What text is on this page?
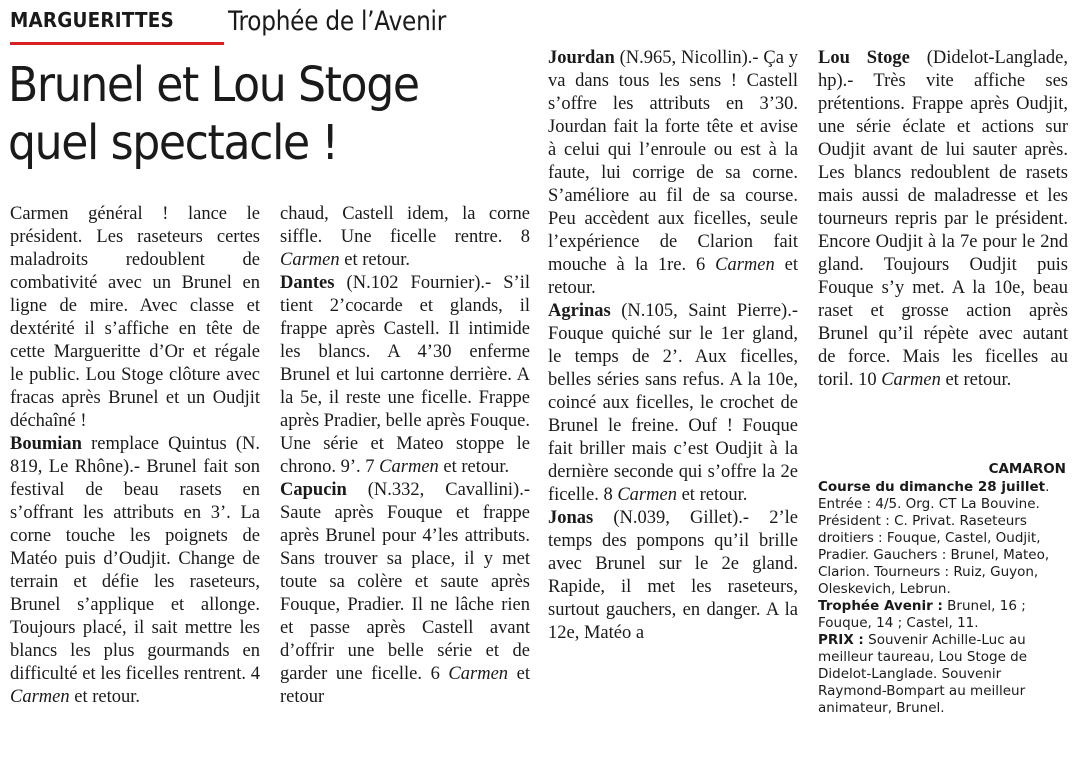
MARGUERITTES Trophée de l’Avenir
Brunel et Lou Stoge
quel spectacle !

Carmen général ! lance le président. Les raseteurs certes maladroits redoublent de combativité avec un Brunel en ligne de mire. Avec classe et dextérité il s’affiche en tête de cette Margueritte d’Or et régale le public. Lou Stoge clôture avec fracas après Brunel et un Oudjit déchaîné !

Boumian remplace Quintus (N. 819, Le Rhône).- Brunel fait son festival de beau rasets en s’offrant les attributs en 3’. La corne touche les poignets de Matéo puis d’Oudjit. Change de terrain et défie les raseteurs, Brunel s’applique et allonge. Toujours placé, il sait mettre les blancs les plus gourmands en difficulté et les ficelles rentrent. 4 Carmen et retour.

chaud, Castell idem, la corne siffle. Une ficelle rentre. 8 Carmen et retour.

Dantes (N.102 Fournier).- S’il tient 2’cocarde et glands, il frappe après Castell. Il intimide les blancs. A 4’30 enferme Brunel et lui cartonne derrière. A la 5e, il reste une ficelle. Frappe après Pradier, belle après Fouque. Une série et Mateo stoppe le chrono. 9’. 7 Carmen et retour.

Capucin (N.332, Cavallini).- Saute après Fouque et frappe après Brunel pour 4’les attributs. Sans trouver sa place, il y met toute sa colère et saute après Fouque, Pradier. Il ne lâche rien et passe après Castell avant d’offrir une belle série et de garder une ficelle. 6 Carmen et retour

Jourdan (N.965, Nicollin).- Ça y va dans tous les sens ! Castell s’offre les attributs en 3’30. Jourdan fait la forte tête et avise à celui qui l’enroule ou est à la faute, lui corrige de sa corne. S’améliore au fil de sa course. Peu accèdent aux ficelles, seule l’expérience de Clarion fait mouche à la 1re. 6 Carmen et retour.

Agrinas (N.105, Saint Pierre).- Fouque quiché sur le 1er gland, le temps de 2’. Aux ficelles, belles séries sans refus. A la 10e, coincé aux ficelles, le crochet de Brunel le freine. Ouf ! Fouque fait briller mais c’est Oudjit à la dernière seconde qui s’offre la 2e ficelle. 8 Carmen et retour.

Jonas (N.039, Gillet).- 2’le temps des pompons qu’il brille avec Brunel sur le 2e gland. Rapide, il met les raseteurs, surtout gauchers, en danger. A la 12e, Matéo a

Lou Stoge (Didelot-Langlade, hp).- Très vite affiche ses prétentions. Frappe après Oudjit, une série éclate et actions sur Oudjit avant de lui sauter après. Les blancs redoublent de rasets mais aussi de maladresse et les tourneurs repris par le président. Encore Oudjit à la 7e pour le 2nd gland. Toujours Oudjit puis Fouque s’y met. A la 10e, beau raset et grosse action après Brunel qu’il répète avec autant de force. Mais les ficelles au toril. 10 Carmen et retour.

CAMARON

Course du dimanche 28 juillet. Entrée : 4/5. Org. CT La Bouvine. Président : C. Privat. Raseteurs droitiers : Fouque, Castel, Oudjit, Pradier. Gauchers : Brunel, Mateo, Clarion. Tourneurs : Ruiz, Guyon, Oleskevich, Lebrun.

Trophée Avenir : Brunel, 16 ; Fouque, 14 ; Castel, 11.

PRIX : Souvenir Achille-Luc au meilleur taureau, Lou Stoge de Didelot-Langlade. Souvenir Raymond-Bompart au meilleur animateur, Brunel.
